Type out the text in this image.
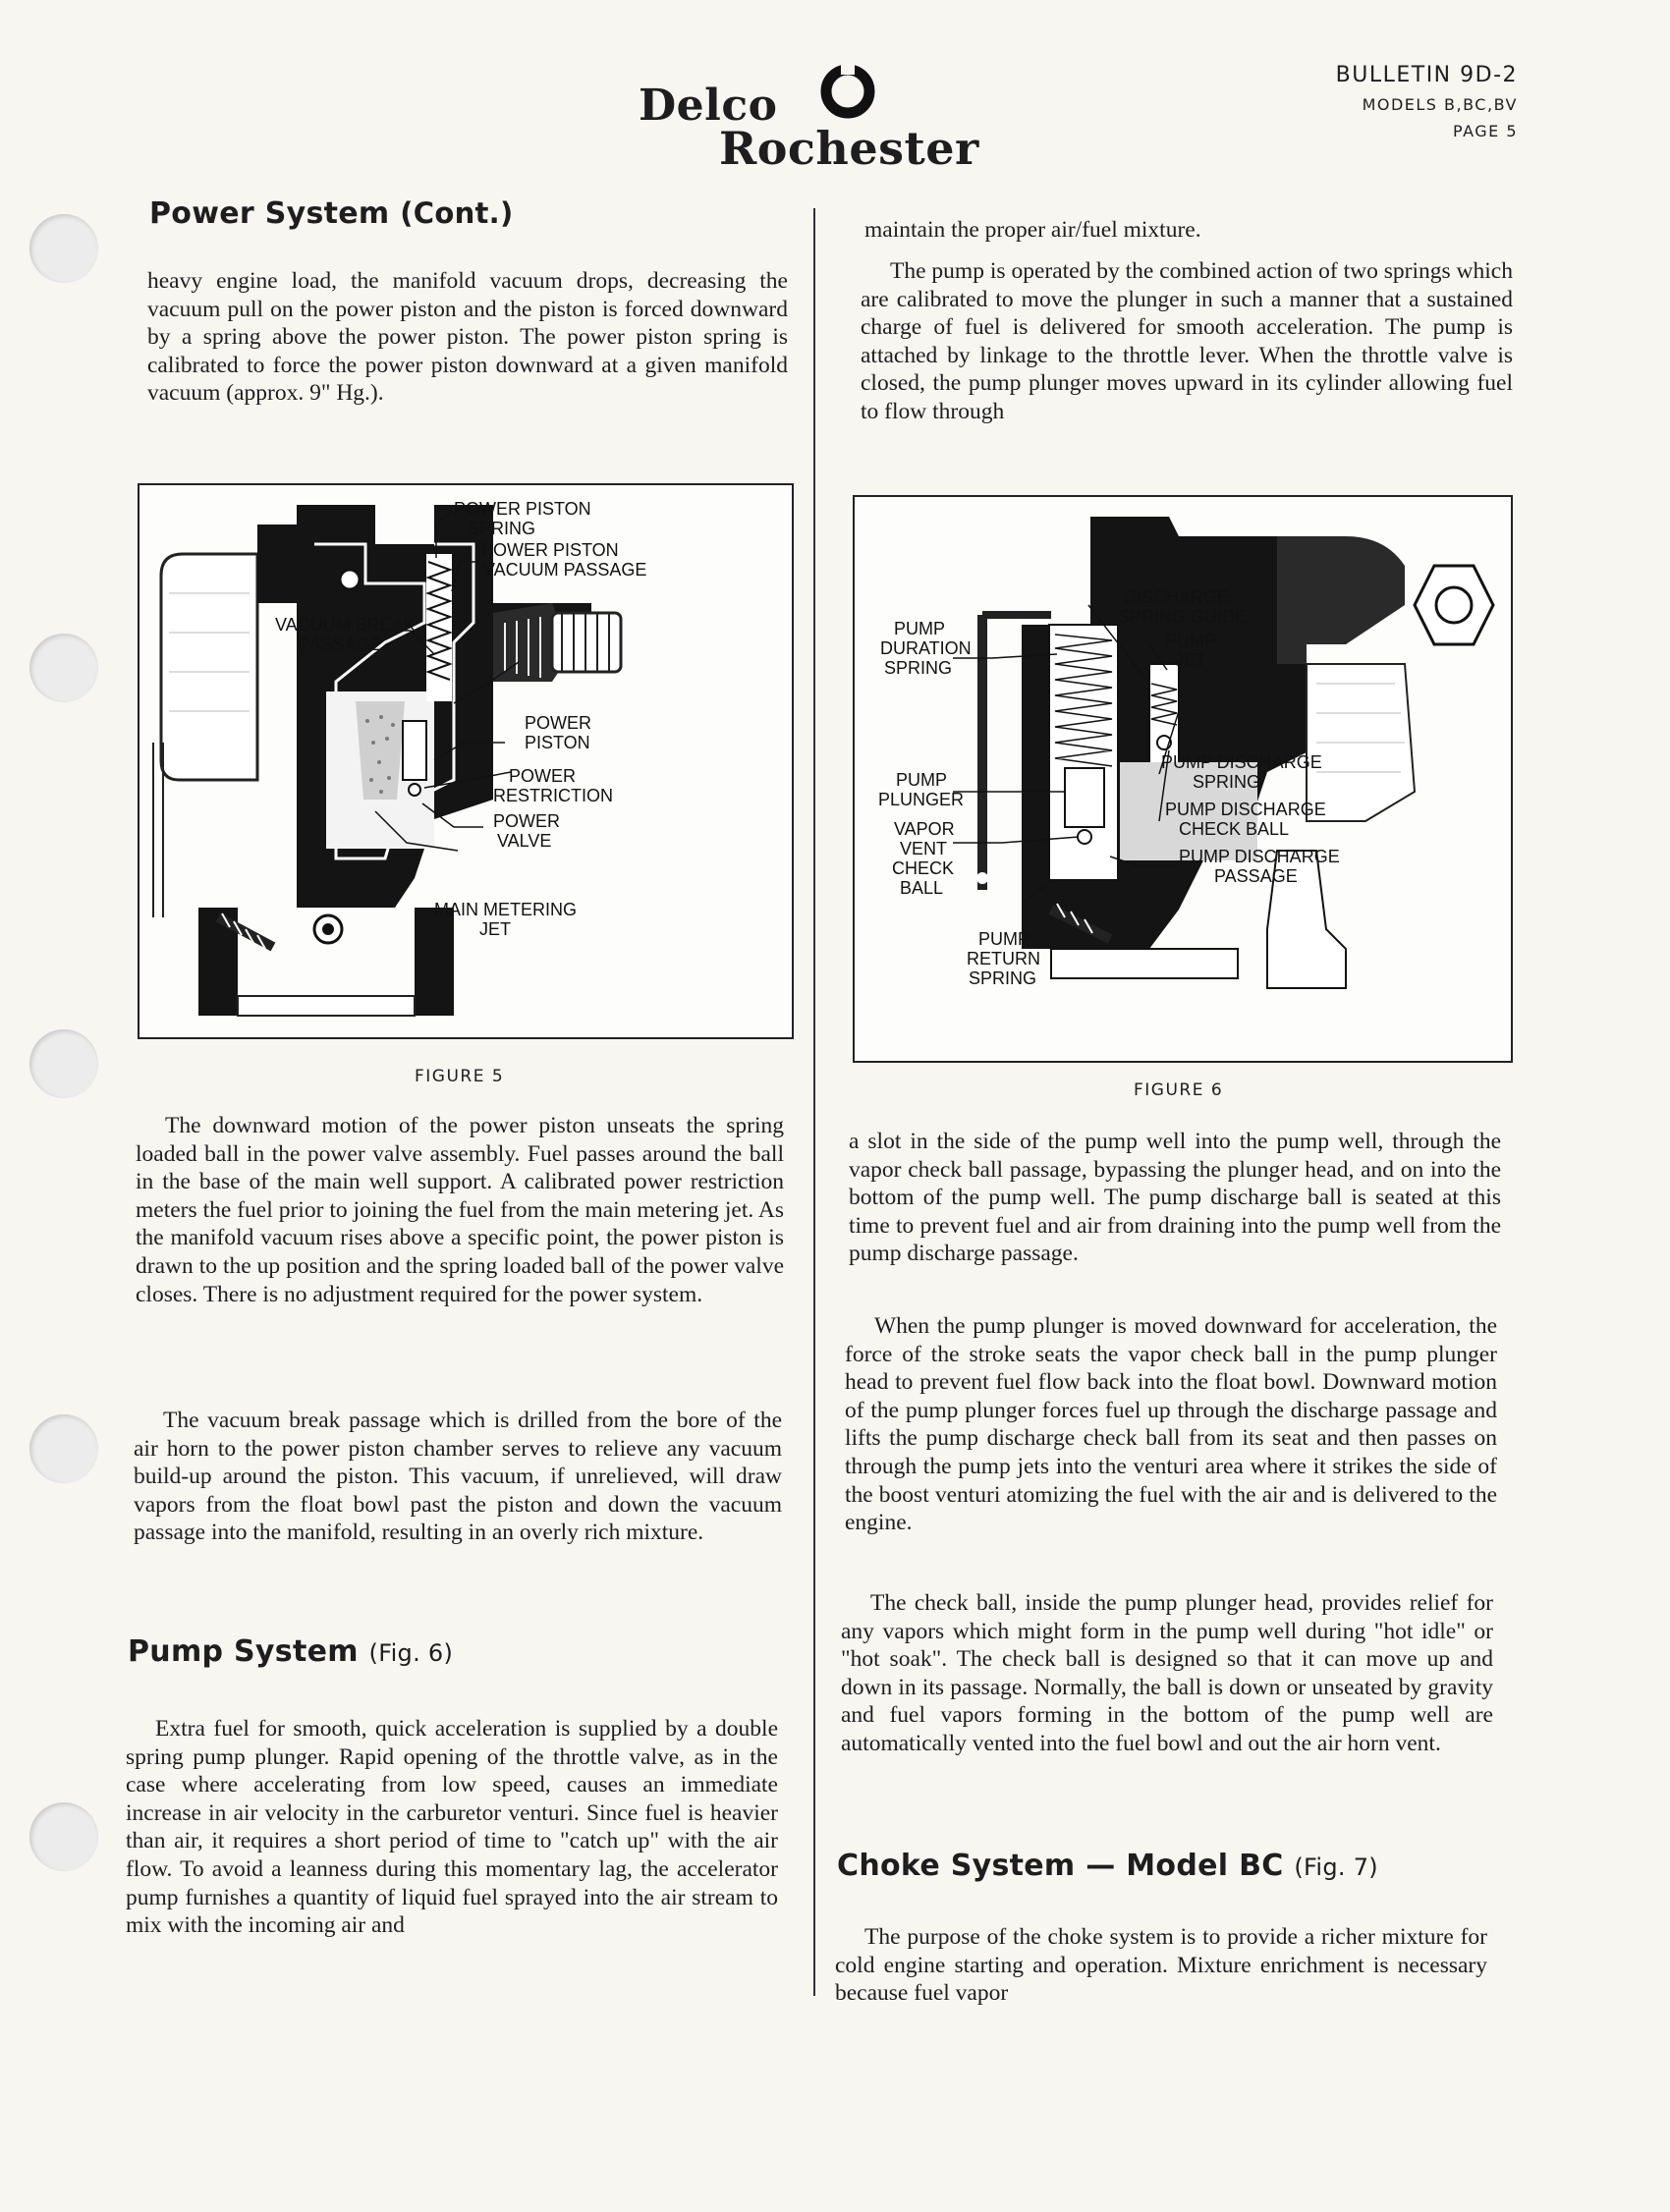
Delco
Rochester
BULLETIN 9D-2
MODELS B,BC,BV
PAGE 5
Power System (Cont.)

heavy engine load, the manifold vacuum drops, decreasing the vacuum pull on the power piston and the piston is forced downward by a spring above the power piston. The power piston spring is calibrated to force the power piston downward at a given manifold vacuum (approx. 9" Hg.).

POWER PISTON
SPRING
POWER PISTON
VACUUM PASSAGE
VACUUM BREAK
PASSAGE
POWER
PISTON
POWER
RESTRICTION
POWER
VALVE
MAIN METERING
JET
FIGURE 5

The downward motion of the power piston unseats the spring loaded ball in the power valve assembly. Fuel passes around the ball in the base of the main well support. A calibrated power restriction meters the fuel prior to joining the fuel from the main metering jet. As the manifold vacuum rises above a specific point, the power piston is drawn to the up position and the spring loaded ball of the power valve closes. There is no adjustment required for the power system.

The vacuum break passage which is drilled from the bore of the air horn to the power piston chamber serves to relieve any vacuum build-up around the piston. This vacuum, if unrelieved, will draw vapors from the float bowl past the piston and down the vacuum passage into the manifold, resulting in an overly rich mixture.

Pump System (Fig. 6)

Extra fuel for smooth, quick acceleration is supplied by a double spring pump plunger. Rapid opening of the throttle valve, as in the case where accelerating from low speed, causes an immediate increase in air velocity in the carburetor venturi. Since fuel is heavier than air, it requires a short period of time to "catch up" with the air flow. To avoid a leanness during this momentary lag, the accelerator pump furnishes a quantity of liquid fuel sprayed into the air stream to mix with the incoming air and

maintain the proper air/fuel mixture.

The pump is operated by the combined action of two springs which are calibrated to move the plunger in such a manner that a sustained charge of fuel is delivered for smooth acceleration. The pump is attached by linkage to the throttle lever. When the throttle valve is closed, the pump plunger moves upward in its cylinder allowing fuel to flow through

PUMP
DURATION
SPRING
DISCHARGE
SPRING GUIDE
PUMP
JET
PUMP
PLUNGER
PUMP DISCHARGE
SPRING
PUMP DISCHARGE
CHECK BALL
VAPOR
VENT
CHECK
BALL
PUMP DISCHARGE
PASSAGE
PUMP
RETURN
SPRING
FIGURE 6

a slot in the side of the pump well into the pump well, through the vapor check ball passage, bypassing the plunger head, and on into the bottom of the pump well. The pump discharge ball is seated at this time to prevent fuel and air from draining into the pump well from the pump discharge passage.

When the pump plunger is moved downward for acceleration, the force of the stroke seats the vapor check ball in the pump plunger head to prevent fuel flow back into the float bowl. Downward motion of the pump plunger forces fuel up through the discharge passage and lifts the pump discharge check ball from its seat and then passes on through the pump jets into the venturi area where it strikes the side of the boost venturi atomizing the fuel with the air and is delivered to the engine.

The check ball, inside the pump plunger head, provides relief for any vapors which might form in the pump well during "hot idle" or "hot soak". The check ball is designed so that it can move up and down in its passage. Normally, the ball is down or unseated by gravity and fuel vapors forming in the bottom of the pump well are automatically vented into the fuel bowl and out the air horn vent.

Choke System — Model BC (Fig. 7)

The purpose of the choke system is to provide a richer mixture for cold engine starting and operation. Mixture enrichment is necessary because fuel vapor
